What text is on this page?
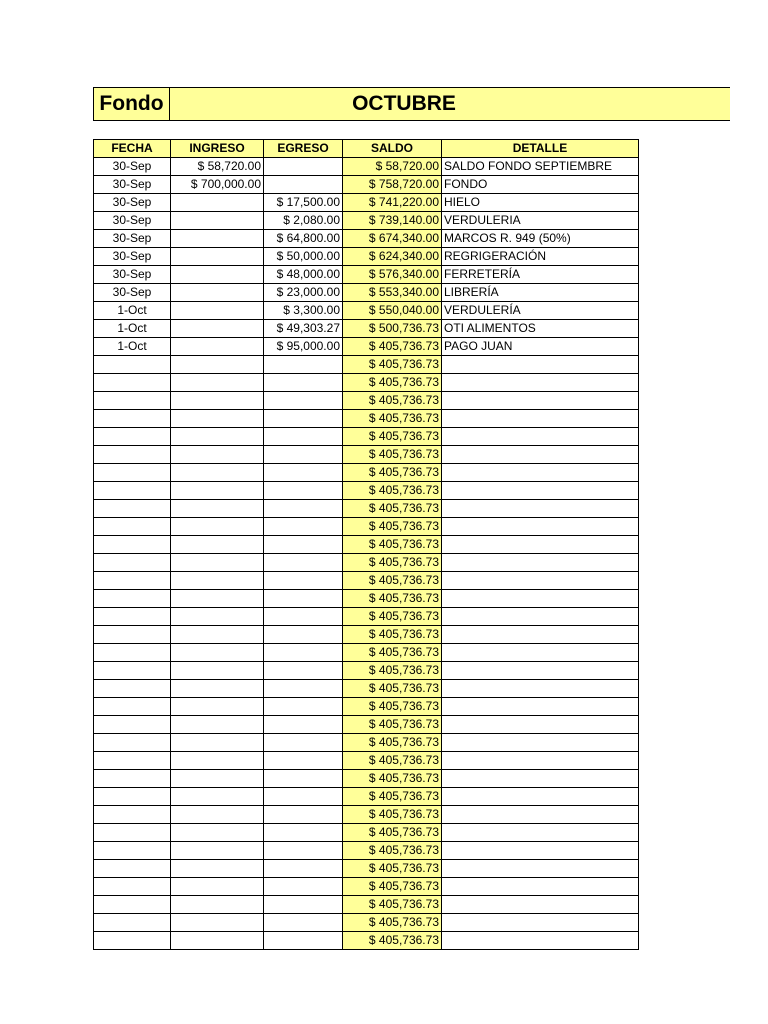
Fondo	OCTUBRE
FECHA	INGRESO	EGRESO	SALDO	DETALLE
30-Sep	$ 58,720.00		$ 58,720.00	SALDO FONDO SEPTIEMBRE
30-Sep	$ 700,000.00		$ 758,720.00	FONDO
30-Sep		$ 17,500.00	$ 741,220.00	HIELO
30-Sep		$ 2,080.00	$ 739,140.00	VERDULERIA
30-Sep		$ 64,800.00	$ 674,340.00	MARCOS R. 949 (50%)
30-Sep		$ 50,000.00	$ 624,340.00	REGRIGERACIÓN
30-Sep		$ 48,000.00	$ 576,340.00	FERRETERÍA
30-Sep		$ 23,000.00	$ 553,340.00	LIBRERÍA
1-Oct		$ 3,300.00	$ 550,040.00	VERDULERÍA
1-Oct		$ 49,303.27	$ 500,736.73	OTI ALIMENTOS
1-Oct		$ 95,000.00	$ 405,736.73	PAGO JUAN
			$ 405,736.73	
			$ 405,736.73	
			$ 405,736.73	
			$ 405,736.73	
			$ 405,736.73	
			$ 405,736.73	
			$ 405,736.73	
			$ 405,736.73	
			$ 405,736.73	
			$ 405,736.73	
			$ 405,736.73	
			$ 405,736.73	
			$ 405,736.73	
			$ 405,736.73	
			$ 405,736.73	
			$ 405,736.73	
			$ 405,736.73	
			$ 405,736.73	
			$ 405,736.73	
			$ 405,736.73	
			$ 405,736.73	
			$ 405,736.73	
			$ 405,736.73	
			$ 405,736.73	
			$ 405,736.73	
			$ 405,736.73	
			$ 405,736.73	
			$ 405,736.73	
			$ 405,736.73	
			$ 405,736.73	
			$ 405,736.73	
			$ 405,736.73	
			$ 405,736.73	
